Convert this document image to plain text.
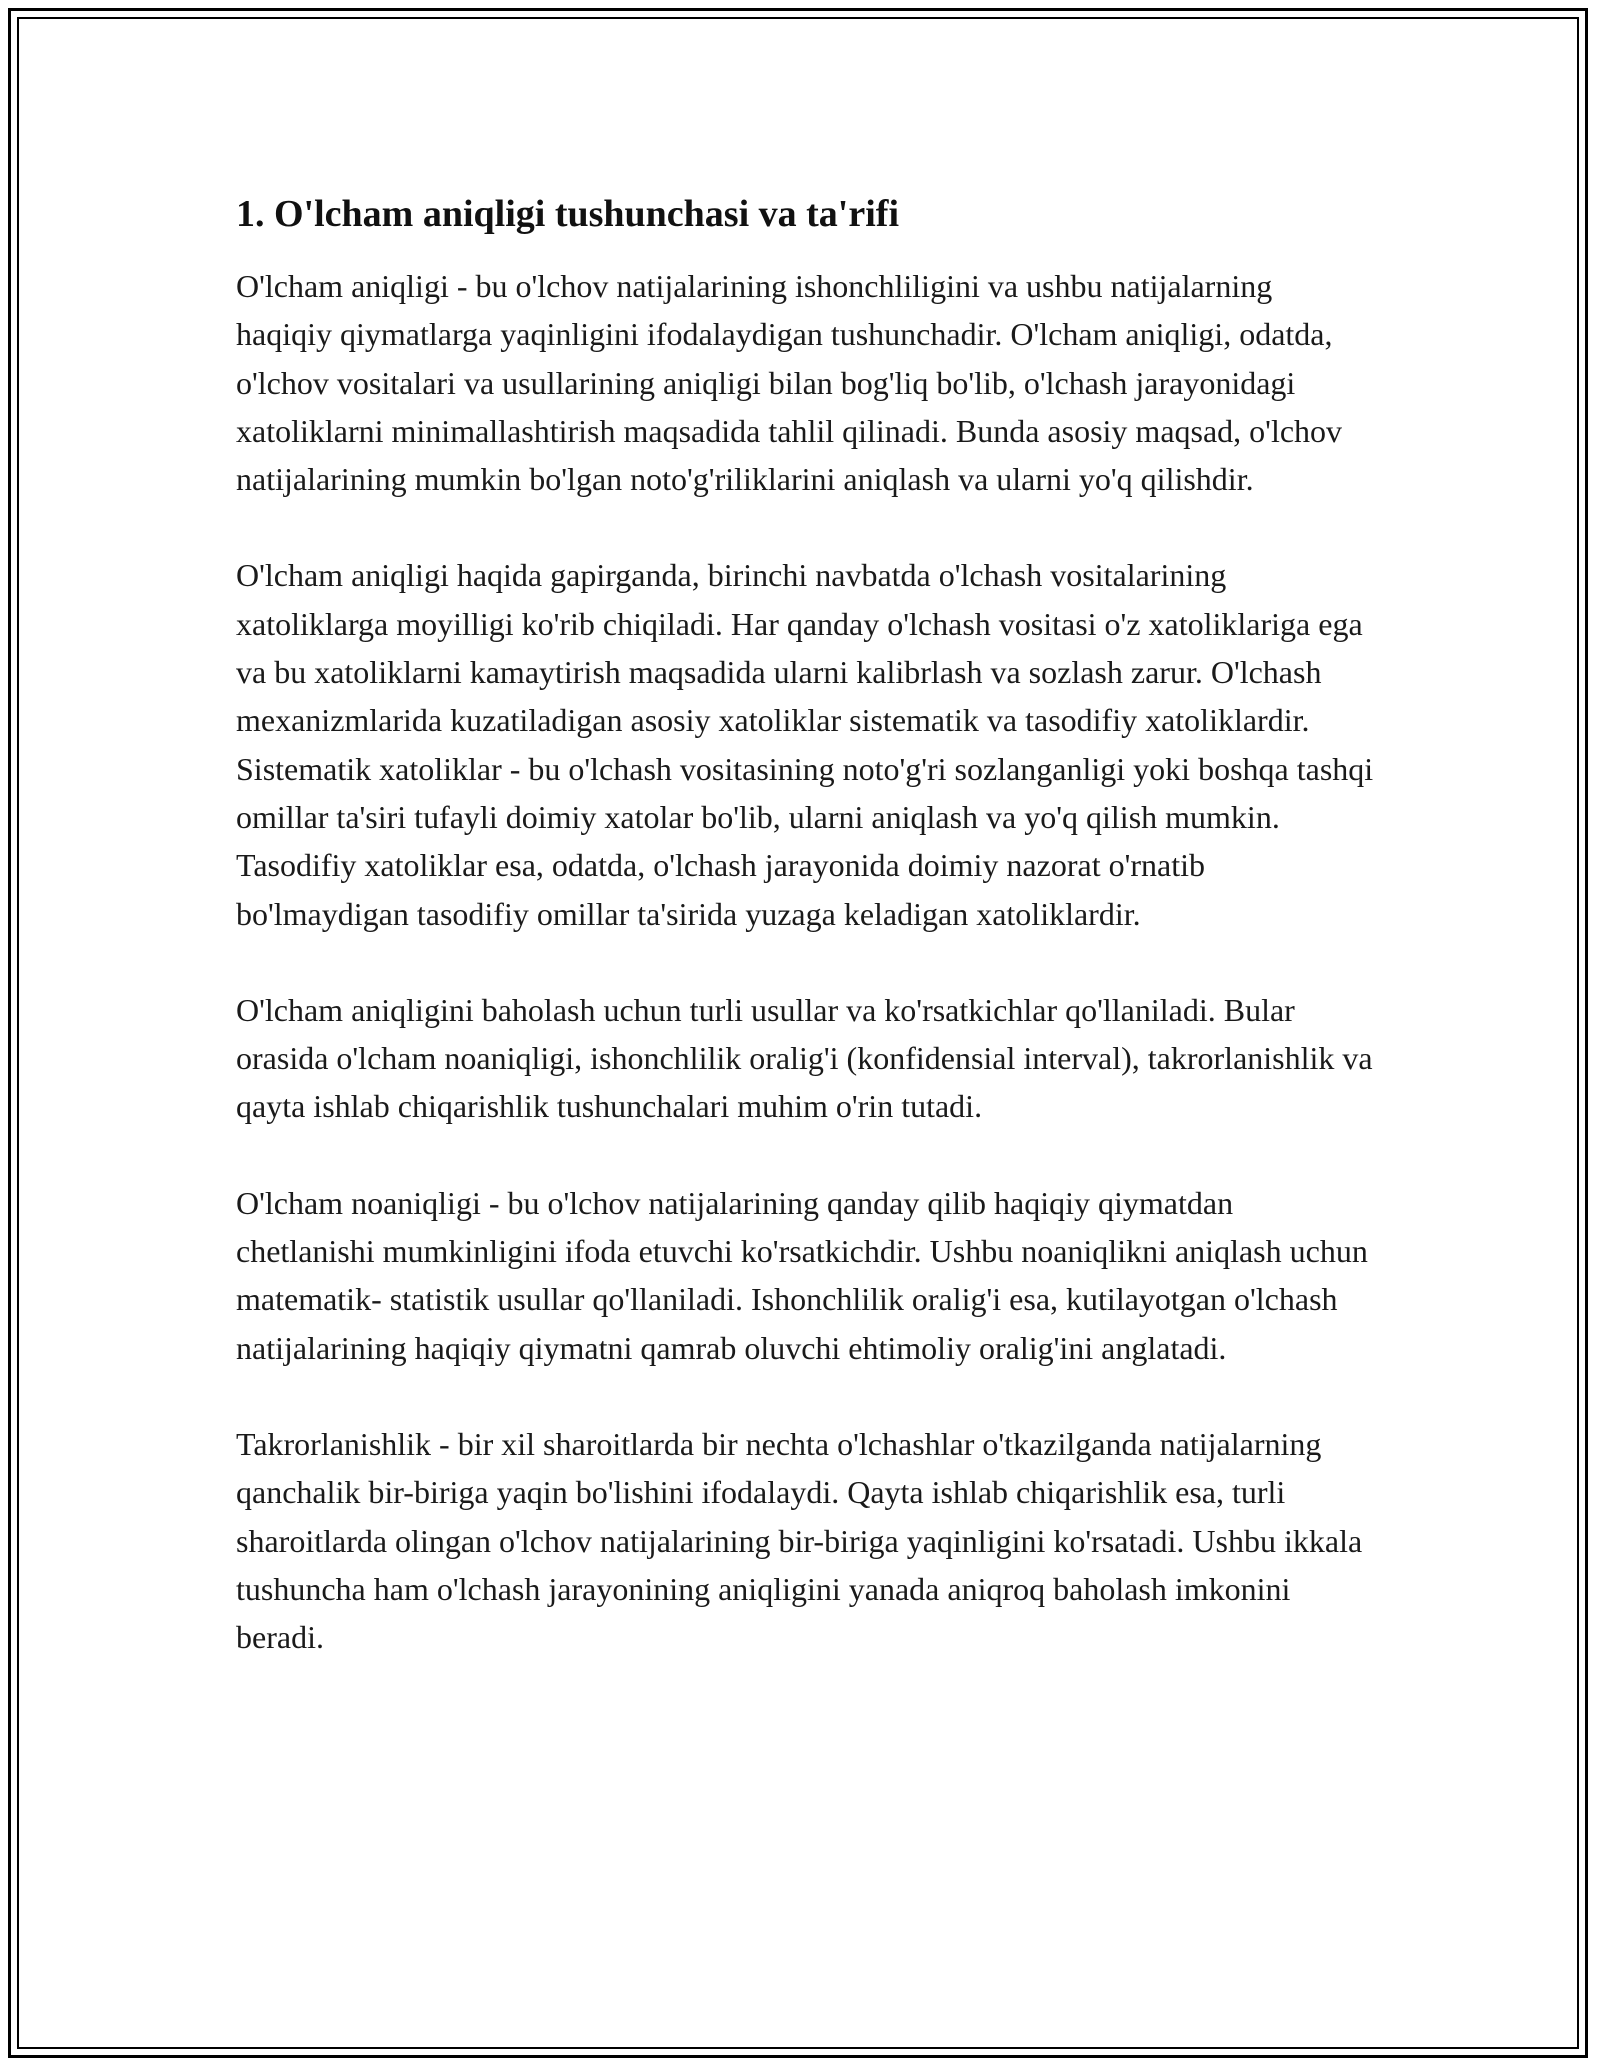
1. O'lcham aniqligi tushunchasi va ta'rifi

O'lcham aniqligi - bu o'lchov natijalarining ishonchliligini va ushbu natijalarning haqiqiy qiymatlarga yaqinligini ifodalaydigan tushunchadir. O'lcham aniqligi, odatda, o'lchov vositalari va usullarining aniqligi bilan bog'liq bo'lib, o'lchash jarayonidagi xatoliklarni minimallashtirish maqsadida tahlil qilinadi. Bunda asosiy maqsad, o'lchov natijalarining mumkin bo'lgan noto'g'riliklarini aniqlash va ularni yo'q qilishdir.

O'lcham aniqligi haqida gapirganda, birinchi navbatda o'lchash vositalarining xatoliklarga moyilligi ko'rib chiqiladi. Har qanday o'lchash vositasi o'z xatoliklariga ega va bu xatoliklarni kamaytirish maqsadida ularni kalibrlash va sozlash zarur. O'lchash mexanizmlarida kuzatiladigan asosiy xatoliklar sistematik va tasodifiy xatoliklardir. Sistematik xatoliklar - bu o'lchash vositasining noto'g'ri sozlanganligi yoki boshqa tashqi omillar ta'siri tufayli doimiy xatolar bo'lib, ularni aniqlash va yo'q qilish mumkin. Tasodifiy xatoliklar esa, odatda, o'lchash jarayonida doimiy nazorat o'rnatib bo'lmaydigan tasodifiy omillar ta'sirida yuzaga keladigan xatoliklardir.

O'lcham aniqligini baholash uchun turli usullar va ko'rsatkichlar qo'llaniladi. Bular orasida o'lcham noaniqligi, ishonchlilik oralig'i (konfidensial interval), takrorlanishlik va qayta ishlab chiqarishlik tushunchalari muhim o'rin tutadi.

O'lcham noaniqligi - bu o'lchov natijalarining qanday qilib haqiqiy qiymatdan chetlanishi mumkinligini ifoda etuvchi ko'rsatkichdir. Ushbu noaniqlikni aniqlash uchun matematik- statistik usullar qo'llaniladi. Ishonchlilik oralig'i esa, kutilayotgan o'lchash natijalarining haqiqiy qiymatni qamrab oluvchi ehtimoliy oralig'ini anglatadi.

Takrorlanishlik - bir xil sharoitlarda bir nechta o'lchashlar o'tkazilganda natijalarning qanchalik bir-biriga yaqin bo'lishini ifodalaydi. Qayta ishlab chiqarishlik esa, turli sharoitlarda olingan o'lchov natijalarining bir-biriga yaqinligini ko'rsatadi. Ushbu ikkala tushuncha ham o'lchash jarayonining aniqligini yanada aniqroq baholash imkonini beradi.
